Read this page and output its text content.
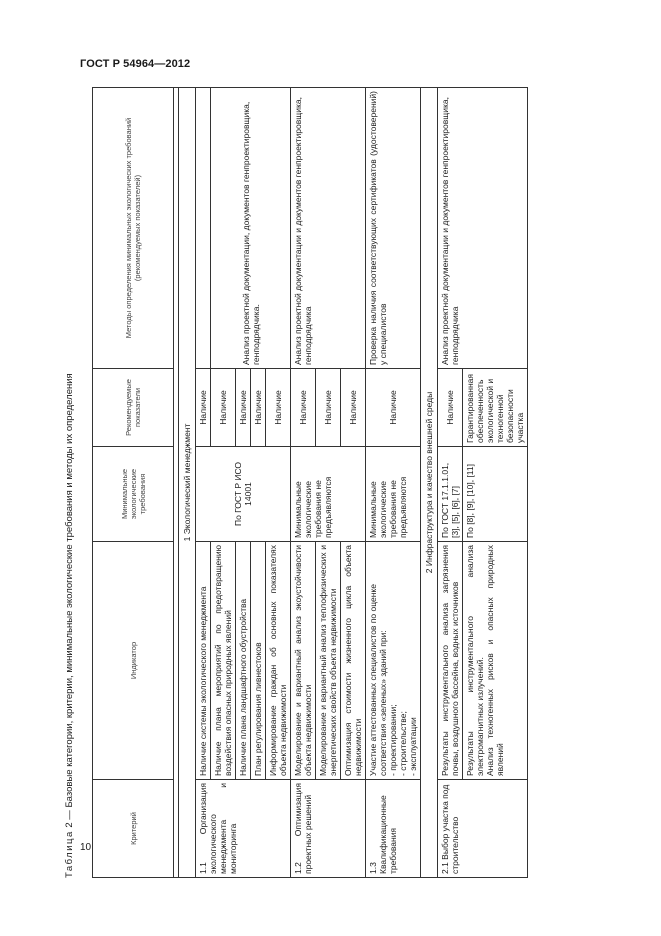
ГОСТ Р 54964—2012
10
Таблица 2 — Базовые категории, критерии, минимальные экологические требования и методы их определения	Критерий	Индикатор	Минимальные экологические требования	Рекомендуемые показатели	Методы определения минимальных экологических требований (рекомендуемых показателей)

1 Экологический менеджмент				
1.1 Организация экологического менеджмента и мониторинга	Наличие системы экологического менеджмента	По ГОСТ Р ИСО 14001	Наличие	
	Наличие плана мероприятий по предотвращению воздействия опасных природных явлений		Наличие	Анализ проектной документации, документов генпроектировщика, генподрядчика.
	Наличие плана ландшафтного обустройства		Наличие	
	План регулирования ливнестоков		Наличие	
	Информирование граждан об основных показателях объекта недвижимости		Наличие	
1.2 Оптимизация проектных решений	Моделирование и вариантный анализ экоустойчивости объекта недвижимости	Минимальные экологические требования не предъявляются	Наличие	Анализ проектной документации и документов генпроектировщика, генподрядчика
	Моделирование и вариантный анализ теплофизических и энергетических свойств объекта недвижимости		Наличие	
	Оптимизация стоимости жизненного цикла объекта недвижимости		Наличие	
1.3 Квалификационные требования	Участие аттестованных специалистов по оценке соответствия «зеленых» зданий при: - проектировании; - строительстве; - эксплуатации	Минимальные экологические требования не предъявляются	Наличие	Проверка наличия соответствующих сертификатов (удостоверений) у специалистов
2 Инфраструктура и качество внешней среды				
2.1 Выбор участка под строительство	Результаты инструментального анализа загрязнения почвы, воздушного бассейна, водных источников	По ГОСТ 17.1.1.01, [3], [5], [6], [7]	Наличие	Анализ проектной документации и документов генпроектировщика, генподрядчика

	Результаты инструментального анализа электромагнитных излучений. Анализ техногенных рисков и опасных природных явлений	По [8], [9], [10], [11]	Гарантированная обеспеченность экологической и техногенной безопасности участка	
